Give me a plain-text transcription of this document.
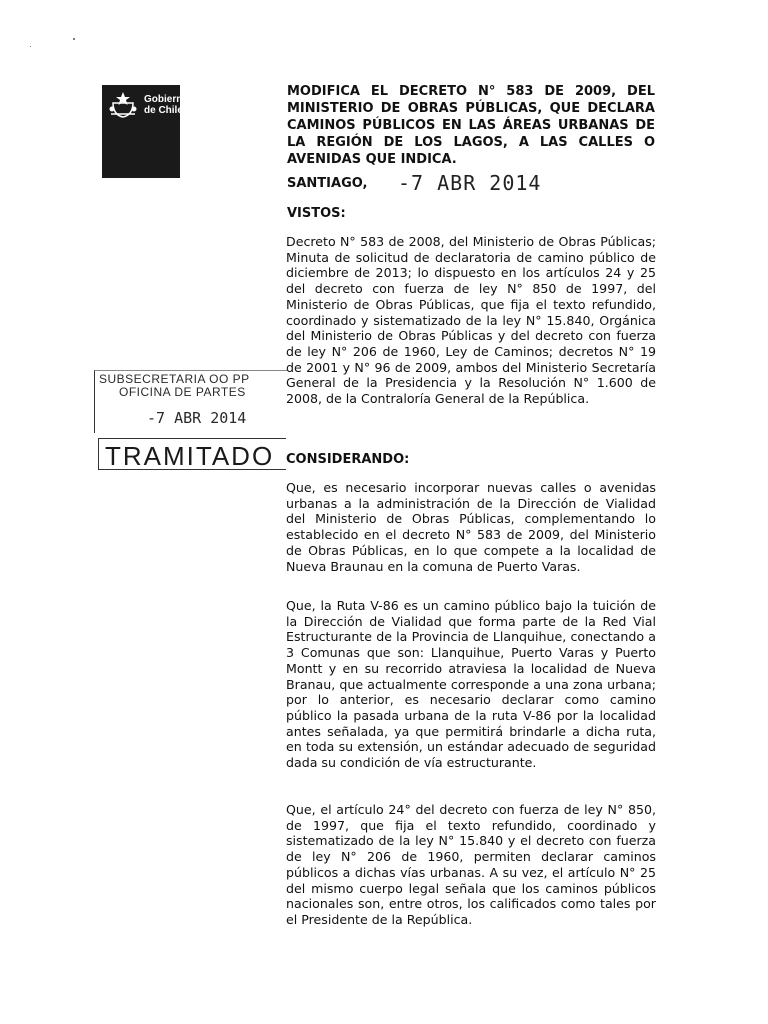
Gobierno
de Chile
MODIFICA EL DECRETO N° 583 DE 2009, DEL MINISTERIO DE OBRAS PÚBLICAS, QUE DECLARA CAMINOS PÚBLICOS EN LAS ÁREAS URBANAS DE LA REGIÓN DE LOS LAGOS, A LAS CALLES O AVENIDAS QUE INDICA.
SANTIAGO, -7 ABR 2014
VISTOS:

Decreto N° 583 de 2008, del Ministerio de Obras Públicas; Minuta de solicitud de declaratoria de camino público de diciembre de 2013; lo dispuesto en los artículos 24 y 25 del decreto con fuerza de ley N° 850 de 1997, del Ministerio de Obras Públicas, que fija el texto refundido, coordinado y sistematizado de la ley N° 15.840, Orgánica del Ministerio de Obras Públicas y del decreto con fuerza de ley N° 206 de 1960, Ley de Caminos; decretos N° 19 de 2001 y N° 96 de 2009, ambos del Ministerio Secretaría General de la Presidencia y la Resolución N° 1.600 de 2008, de la Contraloría General de la República.

SUBSECRETARIA OO PP
OFICINA DE PARTES
-7 ABR 2014
TRAMITADO CONSIDERANDO:

Que, es necesario incorporar nuevas calles o avenidas urbanas a la administración de la Dirección de Vialidad del Ministerio de Obras Públicas, complementando lo establecido en el decreto N° 583 de 2009, del Ministerio de Obras Públicas, en lo que compete a la localidad de Nueva Braunau en la comuna de Puerto Varas.

Que, la Ruta V-86 es un camino público bajo la tuición de la Dirección de Vialidad que forma parte de la Red Vial Estructurante de la Provincia de Llanquihue, conectando a 3 Comunas que son: Llanquihue, Puerto Varas y Puerto Montt y en su recorrido atraviesa la localidad de Nueva Branau, que actualmente corresponde a una zona urbana; por lo anterior, es necesario declarar como camino público la pasada urbana de la ruta V-86 por la localidad antes señalada, ya que permitirá brindarle a dicha ruta, en toda su extensión, un estándar adecuado de seguridad dada su condición de vía estructurante.

Que, el artículo 24° del decreto con fuerza de ley N° 850, de 1997, que fija el texto refundido, coordinado y sistematizado de la ley N° 15.840 y el decreto con fuerza de ley N° 206 de 1960, permiten declarar caminos públicos a dichas vías urbanas. A su vez, el artículo N° 25 del mismo cuerpo legal señala que los caminos públicos nacionales son, entre otros, los calificados como tales por el Presidente de la República.
